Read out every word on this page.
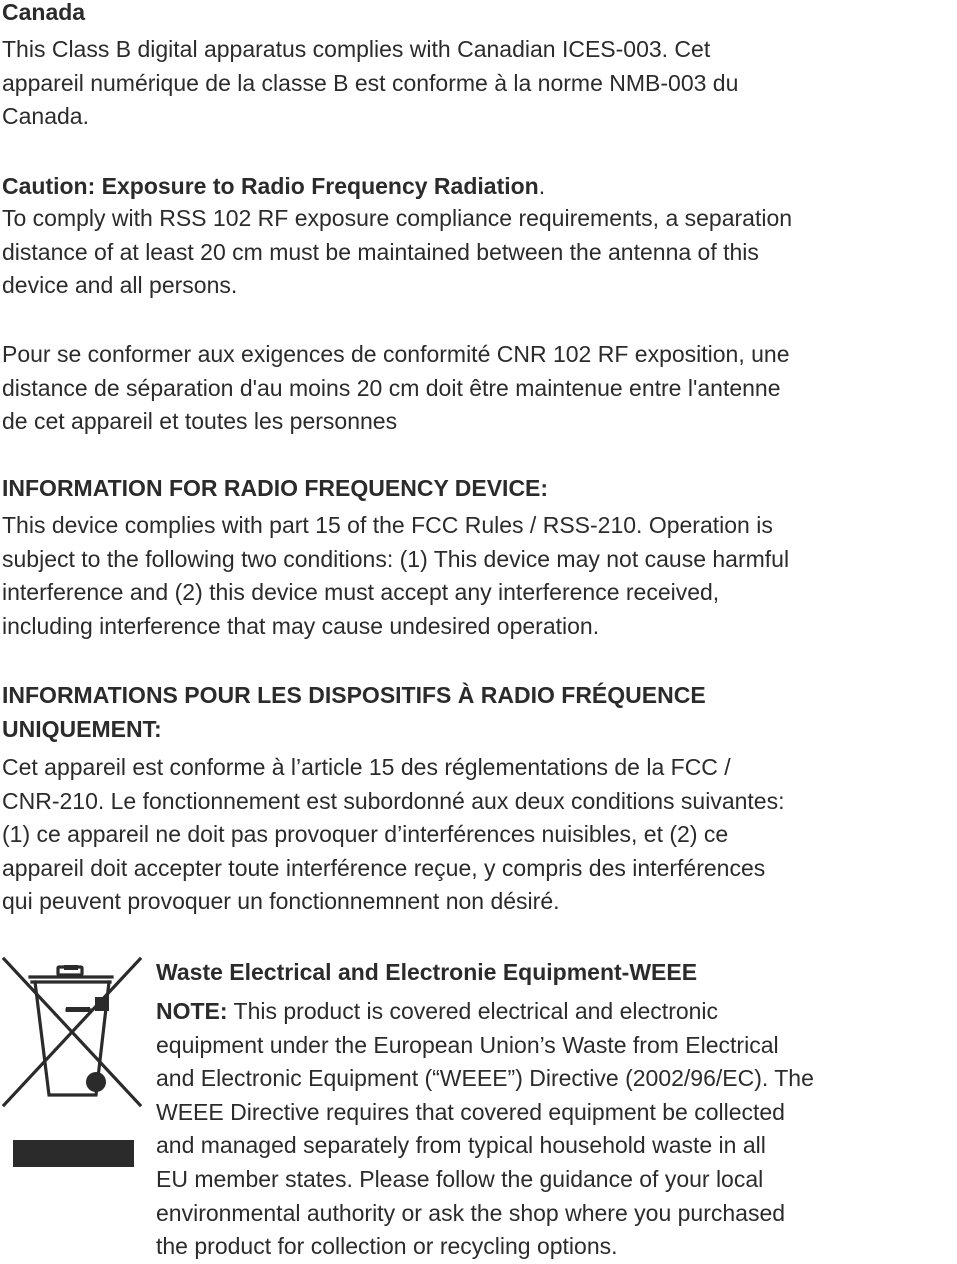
Canada

This Class B digital apparatus complies with Canadian ICES-003. Cet
appareil numérique de la classe B est conforme à la norme NMB-003 du
Canada.

Caution: Exposure to Radio Frequency Radiation.

To comply with RSS 102 RF exposure compliance requirements, a separation
distance of at least 20 cm must be maintained between the antenna of this
device and all persons.
Pour se conformer aux exigences de conformité CNR 102 RF exposition, une
distance de séparation d'au moins 20 cm doit être maintenue entre l'antenne
de cet appareil et toutes les personnes

INFORMATION FOR RADIO FREQUENCY DEVICE:

This device complies with part 15 of the FCC Rules / RSS-210. Operation is
subject to the following two conditions: (1) This device may not cause harmful
interference and (2) this device must accept any interference received,
including interference that may cause undesired operation.
INFORMATIONS POUR LES DISPOSITIFS À RADIO FRÉQUENCE
UNIQUEMENT:
Cet appareil est conforme à l’article 15 des réglementations de la FCC /
CNR-210. Le fonctionnement est subordonné aux deux conditions suivantes:
(1) ce appareil ne doit pas provoquer d’interférences nuisibles, et (2) ce
appareil doit accepter toute interférence reçue, y compris des interférences
qui peuvent provoquer un fonctionnemnent non désiré.

Waste Electrical and Electronie Equipment-WEEE

NOTE: This product is covered electrical and electronic
equipment under the European Union’s Waste from Electrical
and Electronic Equipment (“WEEE”) Directive (2002/96/EC). The
WEEE Directive requires that covered equipment be collected
and managed separately from typical household waste in all
EU member states. Please follow the guidance of your local
environmental authority or ask the shop where you purchased
the product for collection or recycling options.
